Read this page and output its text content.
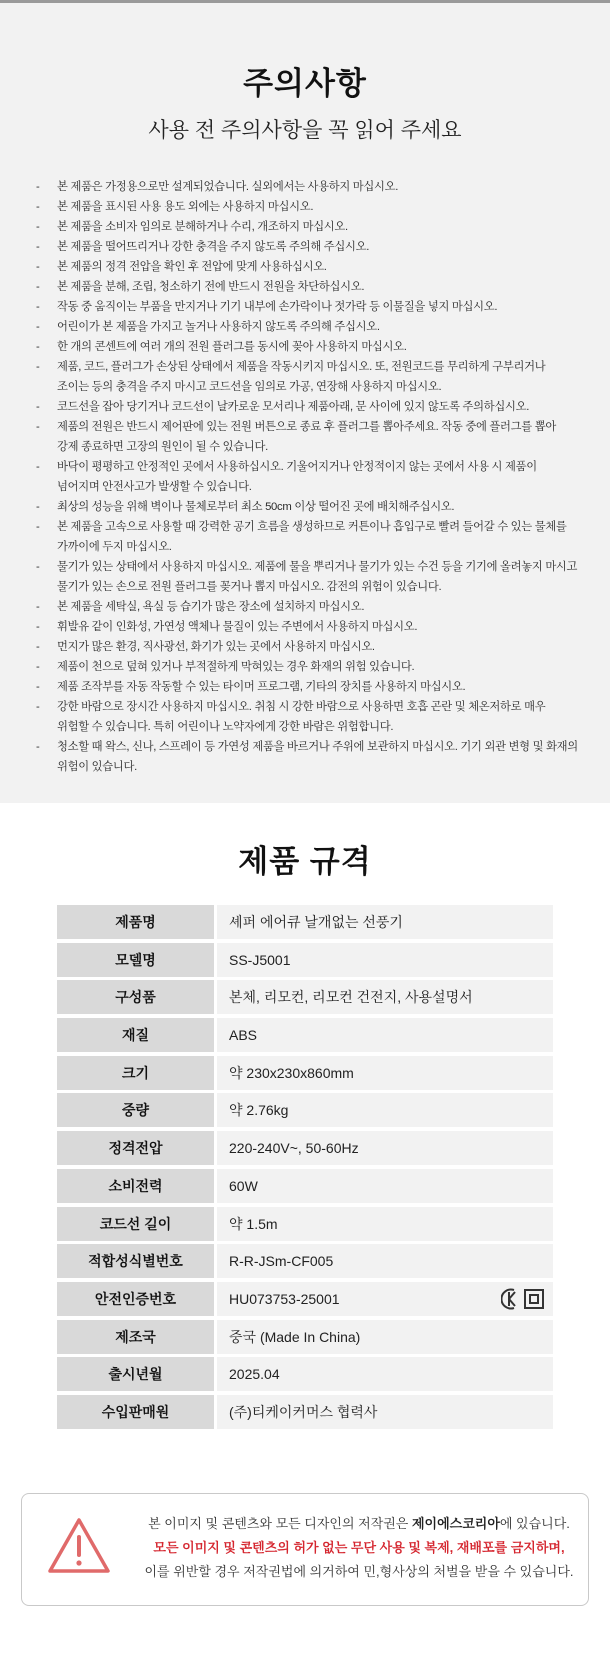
주의사항
사용 전 주의사항을 꼭 읽어 주세요
- 본 제품은 가정용으로만 설계되었습니다. 실외에서는 사용하지 마십시오.
- 본 제품을 표시된 사용 용도 외에는 사용하지 마십시오.
- 본 제품을 소비자 임의로 분해하거나 수리, 개조하지 마십시오.
- 본 제품을 떨어뜨리거나 강한 충격을 주지 않도록 주의해 주십시오.
- 본 제품의 정격 전압을 확인 후 전압에 맞게 사용하십시오.
- 본 제품을 분해, 조립, 청소하기 전에 반드시 전원을 차단하십시오.
- 작동 중 움직이는 부품을 만지거나 기기 내부에 손가락이나 젓가락 등 이물질을 넣지 마십시오.
- 어린이가 본 제품을 가지고 놀거나 사용하지 않도록 주의해 주십시오.
- 한 개의 콘센트에 여러 개의 전원 플러그를 동시에 꽂아 사용하지 마십시오.
- 제품, 코드, 플러그가 손상된 상태에서 제품을 작동시키지 마십시오. 또, 전원코드를 무리하게 구부리거나
조이는 등의 충격을 주지 마시고 코드선을 임의로 가공, 연장해 사용하지 마십시오.
- 코드선을 잡아 당기거나 코드선이 날카로운 모서리나 제품아래, 문 사이에 있지 않도록 주의하십시오.
- 제품의 전원은 반드시 제어판에 있는 전원 버튼으로 종료 후 플러그를 뽑아주세요. 작동 중에 플러그를 뽑아
강제 종료하면 고장의 원인이 될 수 있습니다.
- 바닥이 평평하고 안정적인 곳에서 사용하십시오. 기울어지거나 안정적이지 않는 곳에서 사용 시 제품이
넘어지며 안전사고가 발생할 수 있습니다.
- 최상의 성능을 위해 벽이나 물체로부터 최소 50cm 이상 떨어진 곳에 배치해주십시오.
- 본 제품을 고속으로 사용할 때 강력한 공기 흐름을 생성하므로 커튼이나 흡입구로 빨려 들어갈 수 있는 물체를
가까이에 두지 마십시오.
- 물기가 있는 상태에서 사용하지 마십시오. 제품에 물을 뿌리거나 물기가 있는 수건 등을 기기에 올려놓지 마시고
물기가 있는 손으로 전원 플러그를 꽂거나 뽑지 마십시오. 감전의 위험이 있습니다.
- 본 제품을 세탁실, 욕실 등 습기가 많은 장소에 설치하지 마십시오.
- 휘발유 같이 인화성, 가연성 액체나 물질이 있는 주변에서 사용하지 마십시오.
- 먼지가 많은 환경, 직사광선, 화기가 있는 곳에서 사용하지 마십시오.
- 제품이 천으로 덮혀 있거나 부적절하게 막혀있는 경우 화재의 위험 있습니다.
- 제품 조작부를 자동 작동할 수 있는 타이머 프로그램, 기타의 장치를 사용하지 마십시오.
- 강한 바람으로 장시간 사용하지 마십시오. 취침 시 강한 바람으로 사용하면 호흡 곤란 및 체온저하로 매우
위험할 수 있습니다. 특히 어린이나 노약자에게 강한 바람은 위험합니다.
- 청소할 때 왁스, 신나, 스프레이 등 가연성 제품을 바르거나 주위에 보관하지 마십시오. 기기 외관 변형 및 화재의
위험이 있습니다.
제품 규격
제품명	셰퍼 에어큐 날개없는 선풍기
모델명	SS-J5001
구성품	본체, 리모컨, 리모컨 건전지, 사용설명서
재질	ABS
크기	약 230x230x860mm
중량	약 2.76kg
정격전압	220-240V~, 50-60Hz
소비전력	60W
코드선 길이	약 1.5m
적합성식별번호	R-R-JSm-CF005
안전인증번호	HU073753-25001
제조국	중국 (Made In China)
출시년월	2025.04
수입판매원	(주)티케이커머스 협력사
본 이미지 및 콘텐츠와 모든 디자인의 저작권은 제이에스코리아에 있습니다.
모든 이미지 및 콘텐츠의 허가 없는 무단 사용 및 복제, 재배포를 금지하며,
이를 위반할 경우 저작권법에 의거하여 민,형사상의 처벌을 받을 수 있습니다.
